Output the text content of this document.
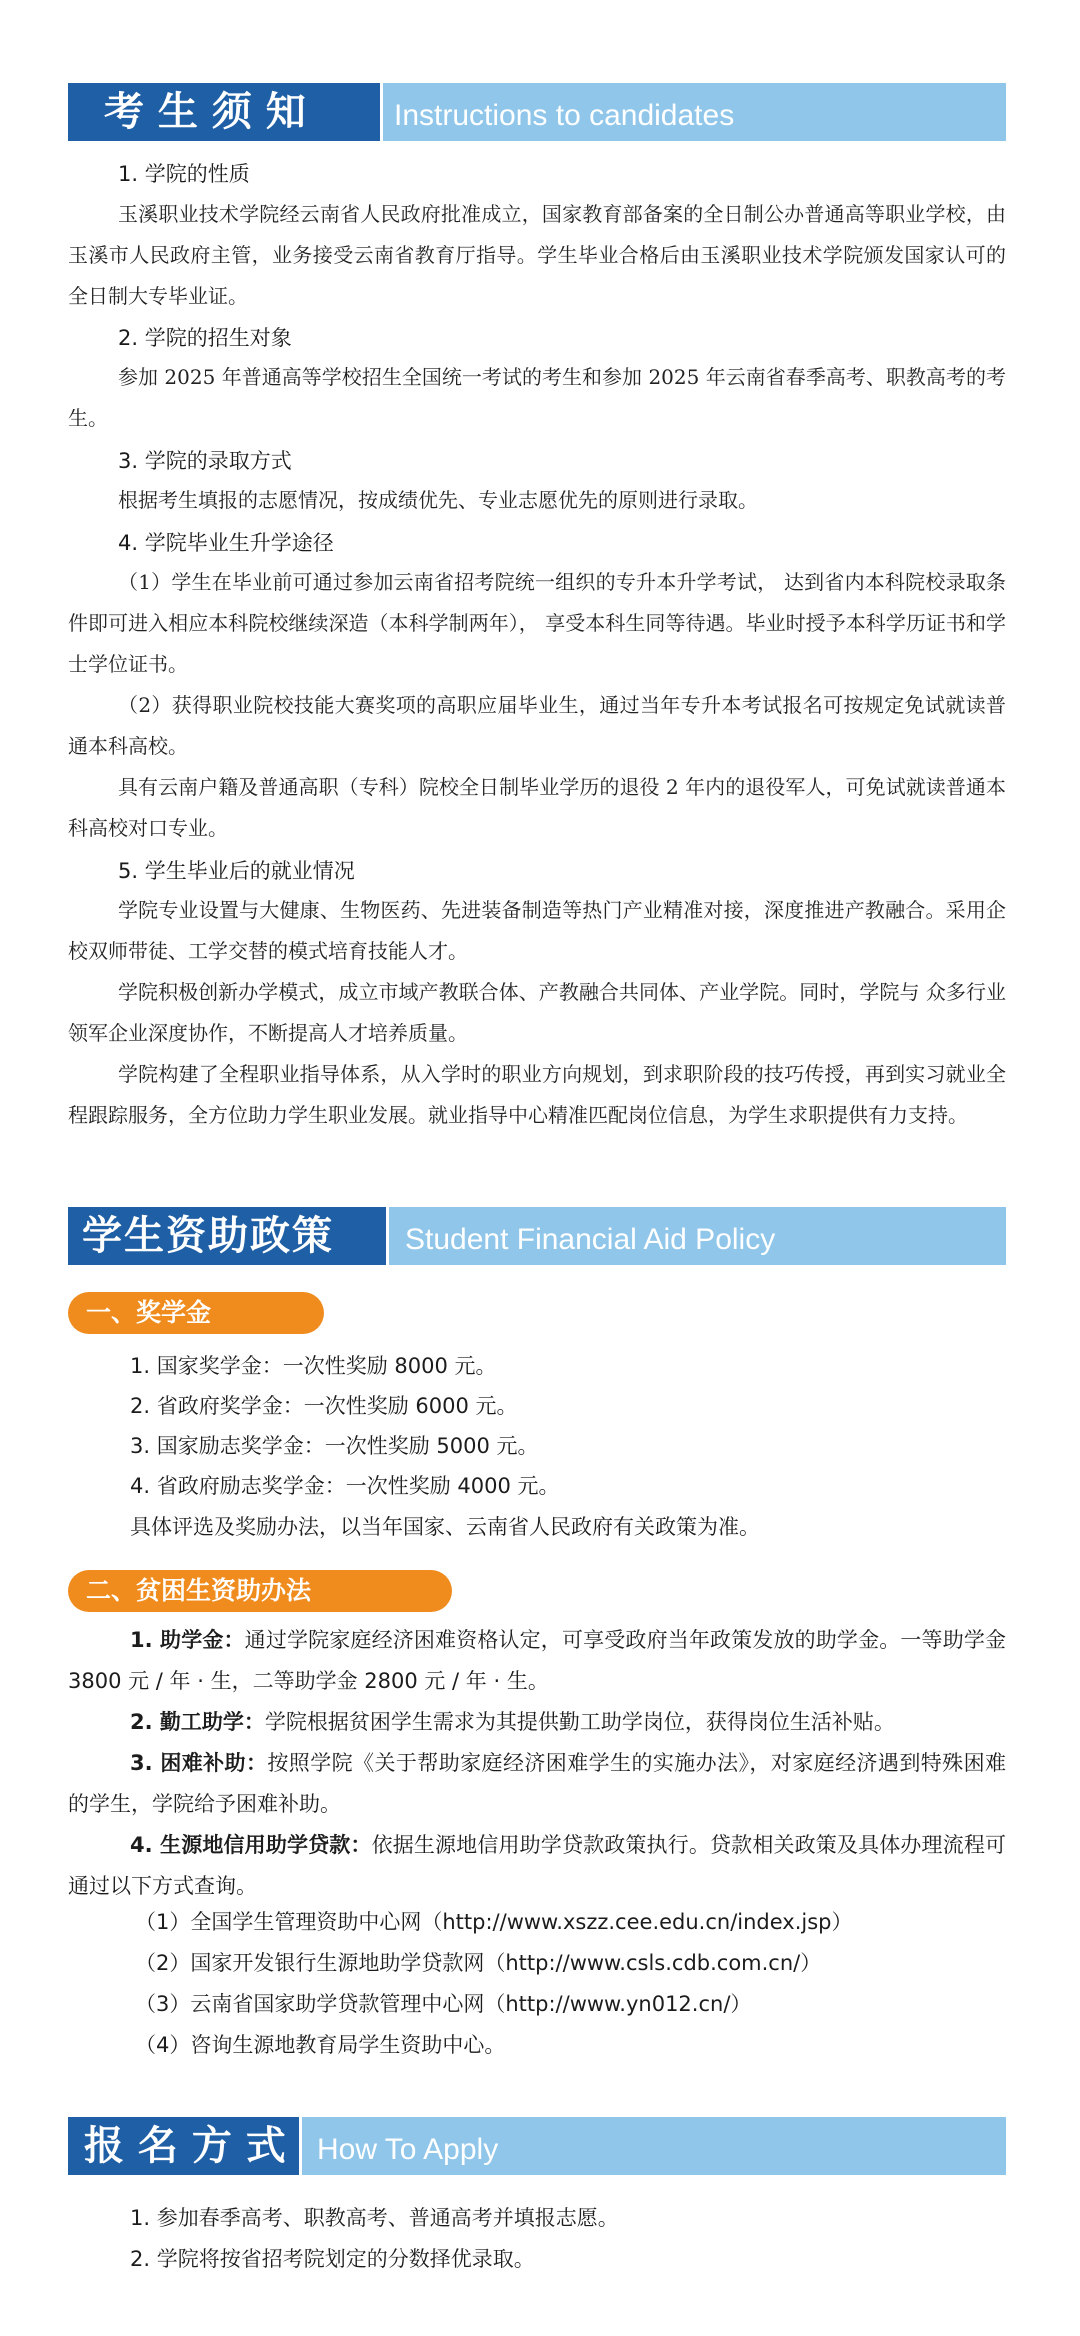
考 生 须 知	Instructions to candidates
1. 学院的性质
玉溪职业技术学院经云南省人民政府批准成立，国家教育部备案的全日制公办普通高等职业学校，由玉溪市人民政府主管，业务接受云南省教育厅指导。学生毕业合格后由玉溪职业技术学院颁发国家认可的全日制大专毕业证。
2. 学院的招生对象
参加 2025 年普通高等学校招生全国统一考试的考生和参加 2025 年云南省春季高考、职教高考的考生。
3. 学院的录取方式
根据考生填报的志愿情况，按成绩优先、专业志愿优先的原则进行录取。
4. 学院毕业生升学途径
（1）学生在毕业前可通过参加云南省招考院统一组织的专升本升学考试， 达到省内本科院校录取条件即可进入相应本科院校继续深造（本科学制两年）， 享受本科生同等待遇。毕业时授予本科学历证书和学士学位证书。
（2）获得职业院校技能大赛奖项的高职应届毕业生，通过当年专升本考试报名可按规定免试就读普通本科高校。
具有云南户籍及普通高职（专科）院校全日制毕业学历的退役 2 年内的退役军人，可免试就读普通本科高校对口专业。
5. 学生毕业后的就业情况
学院专业设置与大健康、生物医药、先进装备制造等热门产业精准对接，深度推进产教融合。采用企校双师带徒、工学交替的模式培育技能人才。
学院积极创新办学模式，成立市域产教联合体、产教融合共同体、产业学院。同时，学院与 众多行业领军企业深度协作，不断提高人才培养质量。
学院构建了全程职业指导体系，从入学时的职业方向规划，到求职阶段的技巧传授，再到实习就业全程跟踪服务，全方位助力学生职业发展。就业指导中心精准匹配岗位信息，为学生求职提供有力支持。
学生资助政策	Student Financial Aid Policy
一、奖学金
1. 国家奖学金：一次性奖励 8000 元。
2. 省政府奖学金：一次性奖励 6000 元。
3. 国家励志奖学金：一次性奖励 5000 元。
4. 省政府励志奖学金：一次性奖励 4000 元。
具体评选及奖励办法，以当年国家、云南省人民政府有关政策为准。
二、贫困生资助办法
1. 助学金：通过学院家庭经济困难资格认定，可享受政府当年政策发放的助学金。一等助学金 3800 元 / 年 · 生，二等助学金 2800 元 / 年 · 生。
2. 勤工助学：学院根据贫困学生需求为其提供勤工助学岗位，获得岗位生活补贴。
3. 困难补助：按照学院《关于帮助家庭经济困难学生的实施办法》，对家庭经济遇到特殊困难的学生，学院给予困难补助。
4. 生源地信用助学贷款：依据生源地信用助学贷款政策执行。贷款相关政策及具体办理流程可通过以下方式查询。
（1）全国学生管理资助中心网（http://www.xszz.cee.edu.cn/index.jsp）
（2）国家开发银行生源地助学贷款网（http://www.csls.cdb.com.cn/）
（3）云南省国家助学贷款管理中心网（http://www.yn012.cn/）
（4）咨询生源地教育局学生资助中心。
报 名 方 式	How To Apply
1. 参加春季高考、职教高考、普通高考并填报志愿。
2. 学院将按省招考院划定的分数择优录取。
